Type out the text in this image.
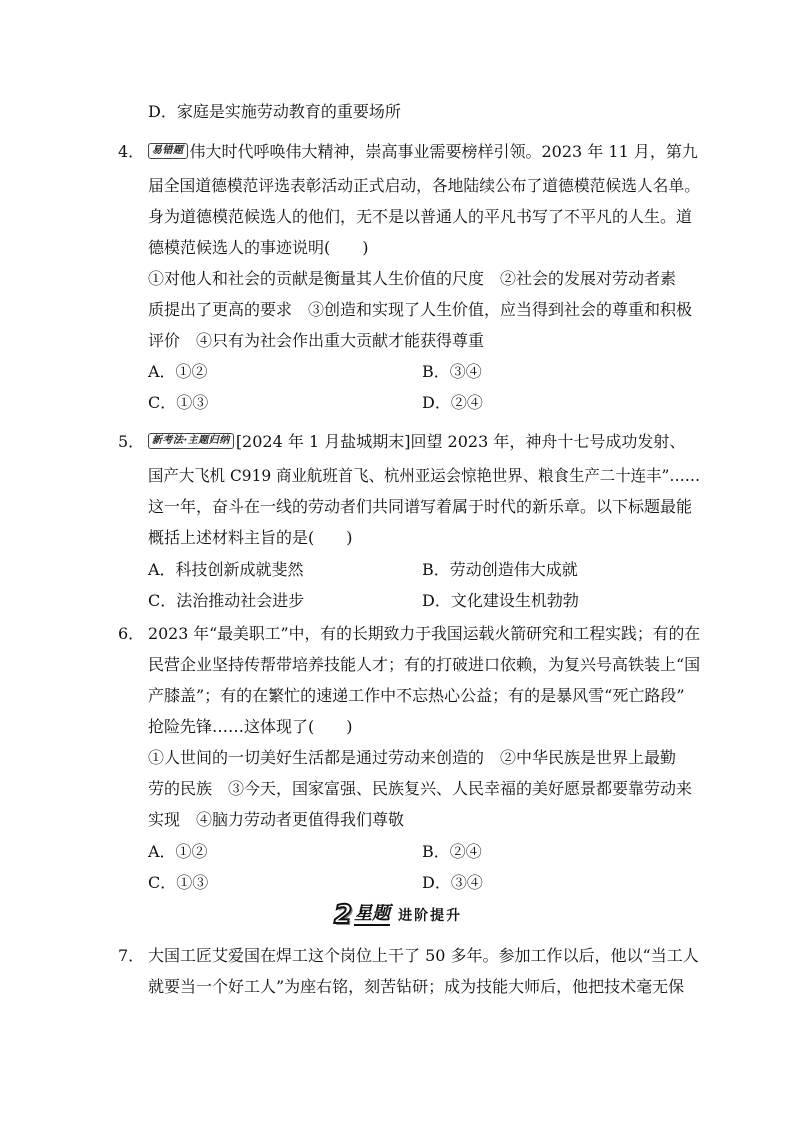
D．家庭是实施劳动教育的重要场所
4． 易错题 伟大时代呼唤伟大精神，崇高事业需要榜样引领。2023 年 11 月，第九
届全国道德模范评选表彰活动正式启动，各地陆续公布了道德模范候选人名单。
身为道德模范候选人的他们，无不是以普通人的平凡书写了不平凡的人生。道
德模范候选人的事迹说明(　　)
①对他人和社会的贡献是衡量其人生价值的尺度　②社会的发展对劳动者素
质提出了更高的要求　③创造和实现了人生价值，应当得到社会的尊重和积极
评价　④只有为社会作出重大贡献才能获得尊重
A．①②	B．③④
C．①③	D．②④
5． 新考法·主题归纳 [2024 年 1 月盐城期末]回望 2023 年，神舟十七号成功发射、
国产大飞机 C919 商业航班首飞、杭州亚运会惊艳世界、粮食生产二十连丰”……
这一年，奋斗在一线的劳动者们共同谱写着属于时代的新乐章。以下标题最能
概括上述材料主旨的是(　　)
A．科技创新成就斐然	B．劳动创造伟大成就
C．法治推动社会进步	D．文化建设生机勃勃
6． 2023 年“最美职工”中，有的长期致力于我国运载火箭研究和工程实践；有的在
民营企业坚持传帮带培养技能人才；有的打破进口依赖，为复兴号高铁装上“国
产膝盖”；有的在繁忙的速递工作中不忘热心公益；有的是暴风雪“死亡路段”
抢险先锋……这体现了(　　)
①人世间的一切美好生活都是通过劳动来创造的　②中华民族是世界上最勤
劳的民族　③今天，国家富强、民族复兴、人民幸福的美好愿景都要靠劳动来
实现　④脑力劳动者更值得我们尊敬
A．①②	B．②④
C．①③	D．③④
2 星题 进阶提升
7． 大国工匠艾爱国在焊工这个岗位上干了 50 多年。参加工作以后，他以“当工人
就要当一个好工人”为座右铭，刻苦钻研；成为技能大师后，他把技术毫无保
